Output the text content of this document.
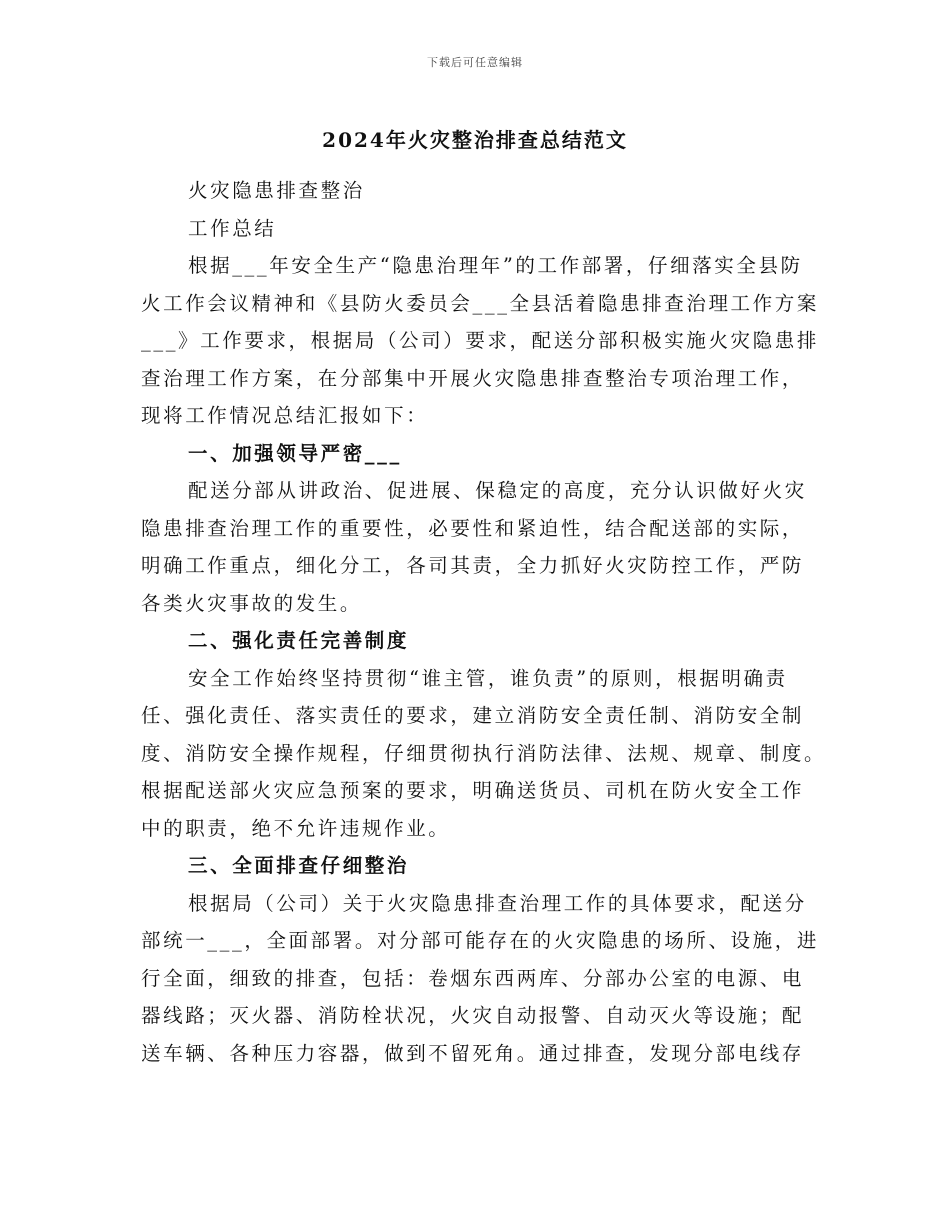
下载后可任意编辑
2024年火灾整治排查总结范文
火灾隐患排查整治
工作总结
根据___年安全生产“隐患治理年”的工作部署，仔细落实全县防
火工作会议精神和《县防火委员会___全县活着隐患排查治理工作方案
___》工作要求，根据局（公司）要求，配送分部积极实施火灾隐患排
查治理工作方案，在分部集中开展火灾隐患排查整治专项治理工作，
现将工作情况总结汇报如下：
一、加强领导严密___
配送分部从讲政治、促进展、保稳定的高度，充分认识做好火灾
隐患排查治理工作的重要性，必要性和紧迫性，结合配送部的实际，
明确工作重点，细化分工，各司其责，全力抓好火灾防控工作，严防
各类火灾事故的发生。
二、强化责任完善制度
安全工作始终坚持贯彻“谁主管，谁负责”的原则，根据明确责
任、强化责任、落实责任的要求，建立消防安全责任制、消防安全制
度、消防安全操作规程，仔细贯彻执行消防法律、法规、规章、制度。
根据配送部火灾应急预案的要求，明确送货员、司机在防火安全工作
中的职责，绝不允许违规作业。
三、全面排查仔细整治
根据局（公司）关于火灾隐患排查治理工作的具体要求，配送分
部统一___，全面部署。对分部可能存在的火灾隐患的场所、设施，进
行全面，细致的排查，包括：卷烟东西两库、分部办公室的电源、电
器线路；灭火器、消防栓状况，火灾自动报警、自动灭火等设施；配
送车辆、各种压力容器，做到不留死角。通过排查，发现分部电线存
